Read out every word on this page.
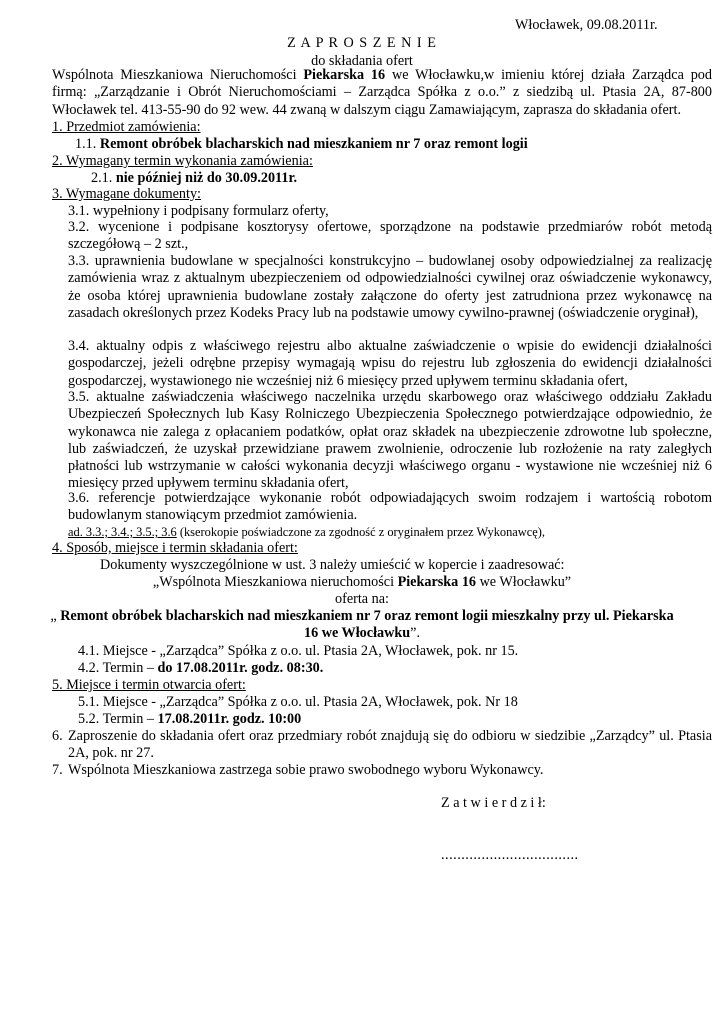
Włocławek, 09.08.2011r.
Z A P R O S Z E N I E
do składania ofert
Wspólnota Mieszkaniowa Nieruchomości Piekarska 16 we Włocławku,w imieniu której działa Zarządca pod firmą: „Zarządzanie i Obrót Nieruchomościami – Zarządca Spółka z o.o.” z siedzibą ul. Ptasia 2A, 87-800 Włocławek tel. 413-55-90 do 92 wew. 44 zwaną w dalszym ciągu Zamawiającym, zaprasza do składania ofert.
1. Przedmiot zamówienia:
1.1. Remont obróbek blacharskich nad mieszkaniem nr 7 oraz remont logii
2. Wymagany termin wykonania zamówienia:
2.1. nie później niż do 30.09.2011r.
3. Wymagane dokumenty:
3.1. wypełniony i podpisany formularz oferty,
3.2. wycenione i podpisane kosztorysy ofertowe, sporządzone na podstawie przedmiarów robót metodą szczegółową – 2 szt.,
3.3. uprawnienia budowlane w specjalności konstrukcyjno – budowlanej osoby odpowiedzialnej za realizację zamówienia wraz z aktualnym ubezpieczeniem od odpowiedzialności cywilnej oraz oświadczenie wykonawcy, że osoba której uprawnienia budowlane zostały załączone do oferty jest zatrudniona przez wykonawcę na zasadach określonych przez Kodeks Pracy lub na podstawie umowy cywilno-prawnej (oświadczenie oryginał),
3.4. aktualny odpis z właściwego rejestru albo aktualne zaświadczenie o wpisie do ewidencji działalności gospodarczej, jeżeli odrębne przepisy wymagają wpisu do rejestru lub zgłoszenia do ewidencji działalności gospodarczej, wystawionego nie wcześniej niż 6 miesięcy przed upływem terminu składania ofert,
3.5. aktualne zaświadczenia właściwego naczelnika urzędu skarbowego oraz właściwego oddziału Zakładu Ubezpieczeń Społecznych lub Kasy Rolniczego Ubezpieczenia Społecznego potwierdzające odpowiednio, że wykonawca nie zalega z opłacaniem podatków, opłat oraz składek na ubezpieczenie zdrowotne lub społeczne, lub zaświadczeń, że uzyskał przewidziane prawem zwolnienie, odroczenie lub rozłożenie na raty zaległych płatności lub wstrzymanie w całości wykonania decyzji właściwego organu - wystawione nie wcześniej niż 6 miesięcy przed upływem terminu składania ofert,
3.6. referencje potwierdzające wykonanie robót odpowiadających swoim rodzajem i wartością robotom budowlanym stanowiącym przedmiot zamówienia.
ad. 3.3.; 3.4.; 3.5.; 3.6 (kserokopie poświadczone za zgodność z oryginałem przez Wykonawcę),
4. Sposób, miejsce i termin składania ofert:
Dokumenty wyszczególnione w ust. 3 należy umieścić w kopercie i zaadresować:
„Wspólnota Mieszkaniowa nieruchomości Piekarska 16 we Włocławku”
oferta na:
„ Remont obróbek blacharskich nad mieszkaniem nr 7 oraz remont logii mieszkalny przy ul. Piekarska
16 we Włocławku”.
4.1. Miejsce - „Zarządca” Spółka z o.o. ul. Ptasia 2A, Włocławek, pok. nr 15.
4.2. Termin – do 17.08.2011r. godz. 08:30.
5. Miejsce i termin otwarcia ofert:
5.1. Miejsce - „Zarządca” Spółka z o.o. ul. Ptasia 2A, Włocławek, pok. Nr 18
5.2. Termin – 17.08.2011r. godz. 10:00
6. Zaproszenie do składania ofert oraz przedmiary robót znajdują się do odbioru w siedzibie „Zarządcy” ul. Ptasia 2A, pok. nr 27.
7. Wspólnota Mieszkaniowa zastrzega sobie prawo swobodnego wyboru Wykonawcy.
Z a t w i e r d z i ł:
..................................
